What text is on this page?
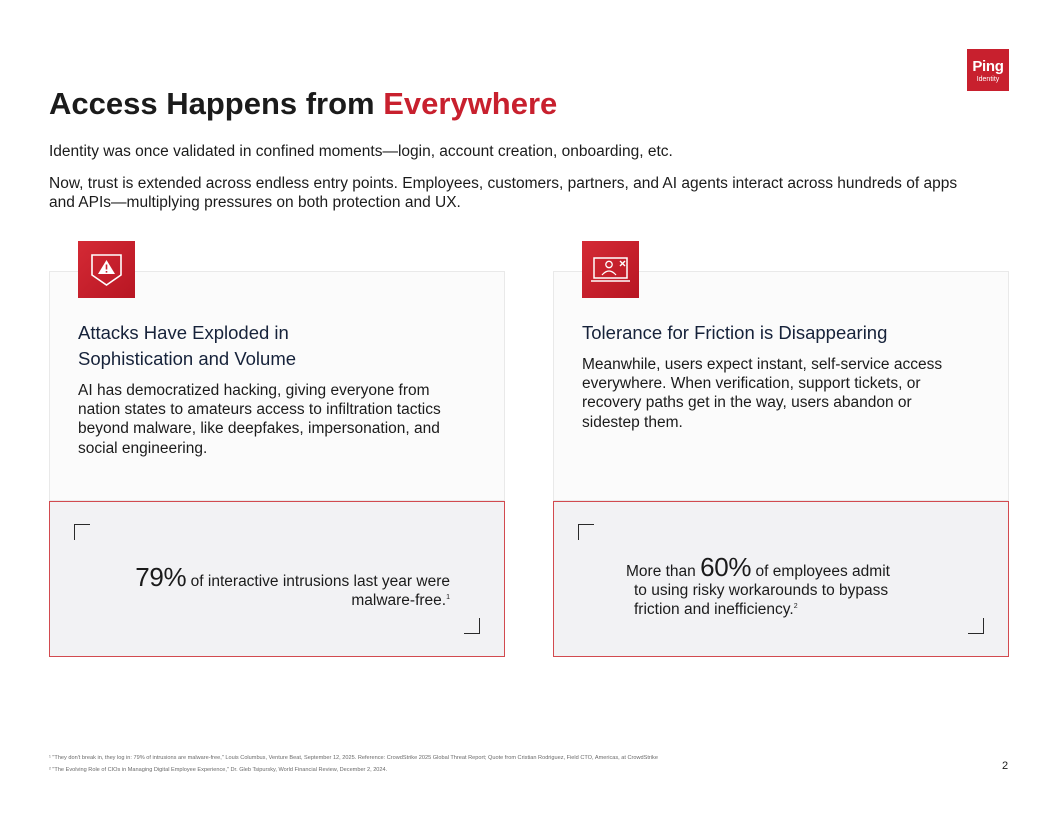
Ping
Identity
Access Happens from Everywhere

Identity was once validated in confined moments—login, account creation, onboarding, etc.

Now, trust is extended across endless entry points. Employees, customers, partners, and AI agents interact across hundreds of apps and APIs—multiplying pressures on both protection and UX.

Attacks Have Exploded in Sophistication and Volume
AI has democratized hacking, giving everyone from nation states to amateurs access to infiltration tactics beyond malware, like deepfakes, impersonation, and social engineering.
Tolerance for Friction is Disappearing
Meanwhile, users expect instant, self-service access everywhere. When verification, support tickets, or recovery paths get in the way, users abandon or sidestep them.
79% of interactive intrusions last year were malware-free.$^1$
More than 60% of employees admit
to using risky workarounds to bypass
friction and inefficiency.$^2$
¹ "They don't break in, they log in: 79% of intrusions are malware-free," Louis Columbus, Venture Beat, September 12, 2025. Reference: CrowdStrike 2025 Global Threat Report; Quote from Cristian Rodriguez, Field CTO, Americas, at CrowdStrike
² "The Evolving Role of CIOs in Managing Digital Employee Experience," Dr. Gleb Tsipursky, World Financial Review, December 2, 2024.	2
